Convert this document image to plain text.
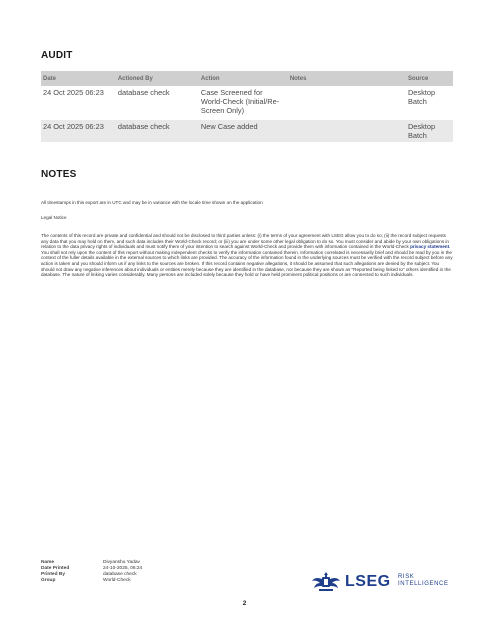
AUDIT
Date	Actioned By	Action	Notes	Source
24 Oct 2025 06:23	database check	Case Screened for World-Check (Initial/Re-Screen Only)		Desktop Batch
24 Oct 2025 06:23	database check	New Case added		Desktop Batch
NOTES
All timestamps in this export are in UTC and may be in variance with the locale time shown on the application
Legal Notice
The contents of this record are private and confidential and should not be disclosed to third parties unless: (i) the terms of your agreement with LSEG allow you to do so; (ii) the record subject requests any data that you may hold on them, and such data includes their World-Check record; or (iii) you are under some other legal obligation to do so. You must consider and abide by your own obligations in relation to the data privacy rights of individuals and must notify them of your intention to search against World-Check and provide them with information contained in the World-Check privacy statement. You shall not rely upon the content of this report without making independent checks to verify the information contained therein. Information correlated is necessarily brief and should be read by you in the context of the fuller details available in the external sources to which links are provided. The accuracy of the information found in the underlying sources must be verified with the record subject before any action is taken and you should inform us if any links to the sources are broken. If this record contains negative allegations, it should be assumed that such allegations are denied by the subject. You should not draw any negative inferences about individuals or entities merely because they are identified in the database, nor because they are shown as "Reported being linked to" others identified in the database. The nature of linking varies considerably. Many persons are included solely because they hold or have held prominent political positions or are connected to such individuals.
Name	Divyanshu Yadav
Date Printed	24-10-2025, 06:24
Printed By	database check
Group	World-Check	LSEG RISK
INTELLIGENCE
2
